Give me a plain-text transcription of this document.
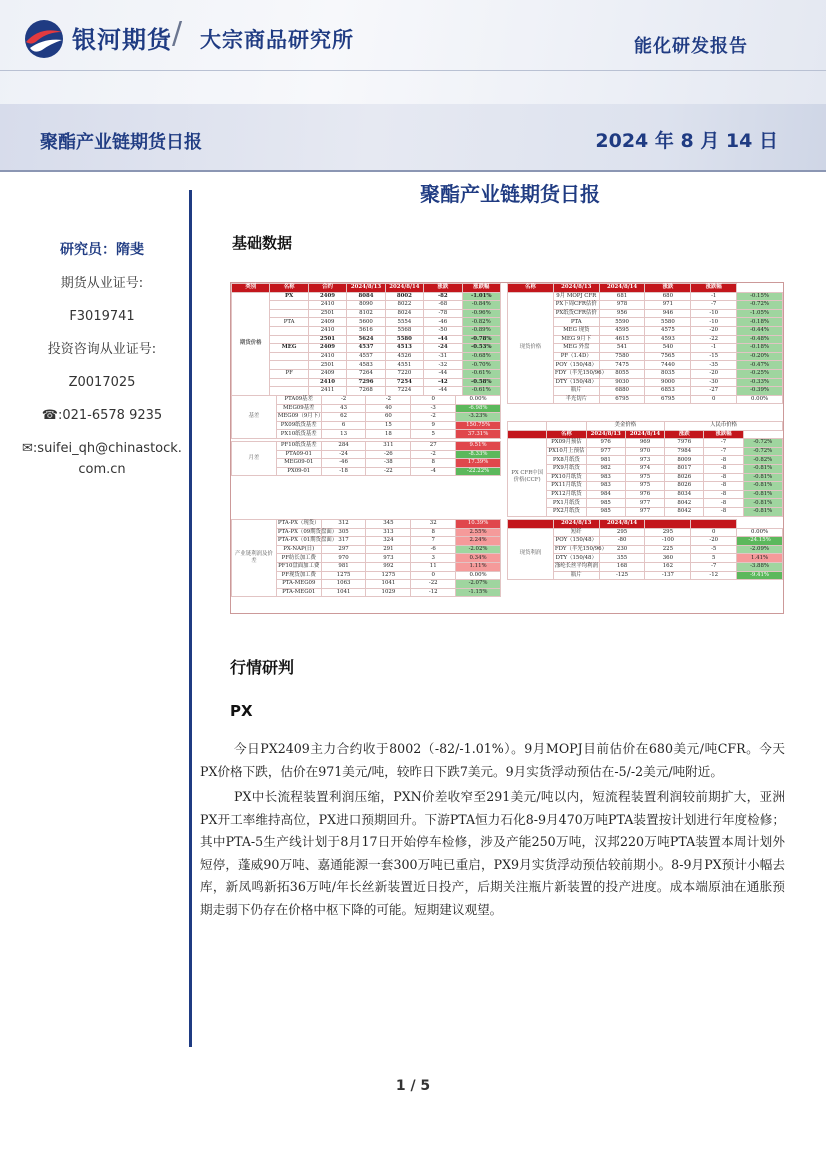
银河期货 / 大宗商品研究所	能化研发报告
聚酯产业链期货日报	2024 年 8 月 14 日
研究员：隋斐
期货从业证号:
F3019741
投资咨询从业证号:
Z0017025
☎:021-6578 9235
✉:suifei_qh@chinastock.com.cn
聚酯产业链期货日报
基础数据
类别	名称	合约	2024/8/13	2024/8/14	涨跌	涨跌幅
期货价格	PX	2409	8084	8002	-82	-1.01%
		2410	8090	8022	-68	-0.84%
		2501	8102	8024	-78	-0.96%
	PTA	2409	5600	5554	-46	-0.82%
		2410	5616	5568	-50	-0.89%
		2501	5624	5580	-44	-0.78%
	MEG	2409	4537	4513	-24	-0.53%
		2410	4557	4526	-31	-0.68%
		2501	4583	4551	-32	-0.70%
	PF	2409	7264	7220	-44	-0.61%
		2410	7296	7254	-42	-0.58%
		2411	7268	7224	-44	-0.61%
基差	PTA09基差	-2	-2	0	0.00%
	MEG09基差	43	40	-3	-6.98%
	MEG09（9月下）	62	60	-2	-3.23%
	PX09纸货基差	6	15	9	150.75%
	PX10纸货基差	13	18	5	37.31%
月差	PF10纸货基差	284	311	27	9.51%
	PTA09-01	-24	-26	-2	-8.33%
	MEG09-01	-46	-38	8	17.39%
	PX09-01	-18	-22	-4	-22.22%
产业链利润及价差	PTA-PX（现货）	312	345	32	10.39%
	PTA-PX（09期货盘面）	305	313	8	2.55%
	PTA-PX（01期货盘面）	317	324	7	2.24%
	PX-NAP(日)	297	291	-6	-2.02%
	PF纺长加工费	970	973	3	0.34%
	PF10盘面加工费	981	992	11	1.11%
	PF现货加工费	1275	1275	0	0.00%
	PTA-MEG09	1063	1041	-22	-2.07%
	PTA-MEG01	1041	1029	-12	-1.15%
名称	2024/8/13	2024/8/14	涨跌	涨跌幅	
现货价格	9月 MOPJ CFR	681	680	-1	-0.15%
	PX下周CFR估价	978	971	-7	-0.72%
	PX纸货CFR估价	956	946	-10	-1.05%
	PTA	5590	5580	-10	-0.18%
	MEG 现货	4595	4575	-20	-0.44%
	MEG 9月下	4615	4593	-22	-0.48%
	MEG 外盘	541	540	-1	-0.18%
	PF（1.4D）	7580	7565	-15	-0.20%
	POY（150/48）	7475	7440	-35	-0.47%
	FDY（半光150/96）	8055	8035	-20	-0.25%
	DTY（150/48）	9030	9000	-30	-0.33%
	瓶片	6880	6853	-27	-0.39%
	半光切片	6795	6795	0	0.00%
		美金价格		人民币价格		
	名称	2024/8/13	2024/8/14	涨跌	涨跌幅	
PX CFR中国价格(CCF)	PX09月预估	976	969	7976	-7	-0.72%
	PX10月上预估	977	970	7984	-7	-0.72%
	PX8月纸货	981	973	8009	-8	-0.82%
	PX9月纸货	982	974	8017	-8	-0.81%
	PX10月纸货	983	975	8026	-8	-0.81%
	PX11月纸货	983	975	8026	-8	-0.81%
	PX12月纸货	984	976	8034	-8	-0.81%
	PX1月纸货	985	977	8042	-8	-0.81%
	PX2月纸货	985	977	8042	-8	-0.81%
	2024/8/13	2024/8/14			
现货利润	短纤	295	295	0	0.00%
	POY（150/48）	-80	-100	-20	-24.15%
	FDY（半光150/96）	230	225	-5	-2.09%
	DTY（150/48）	355	360	5	1.41%
	涤纶长丝平均利润	168	162	-7	-3.88%
	瓶片	-125	-137	-12	-9.41%
行情研判
PX

今日PX2409主力合约收于8002（-82/-1.01%）。9月MOPJ目前估价在680美元/吨CFR。今天PX价格下跌，估价在971美元/吨，较昨日下跌7美元。9月实货浮动预估在-5/-2美元/吨附近。

PX中长流程装置利润压缩，PXN价差收窄至291美元/吨以内，短流程装置利润较前期扩大，亚洲PX开工率维持高位，PX进口预期回升。下游PTA恒力石化8-9月470万吨PTA装置按计划进行年度检修；其中PTA-5生产线计划于8月17日开始停车检修，涉及产能250万吨，汉邦220万吨PTA装置本周计划外短停，蓬威90万吨、嘉通能源一套300万吨已重启，PX9月实货浮动预估较前期小。8-9月PX预计小幅去库，新凤鸣新拓36万吨/年长丝新装置近日投产，后期关注瓶片新装置的投产进度。成本端原油在通胀预期走弱下仍存在价格中枢下降的可能。短期建议观望。

1 / 5
